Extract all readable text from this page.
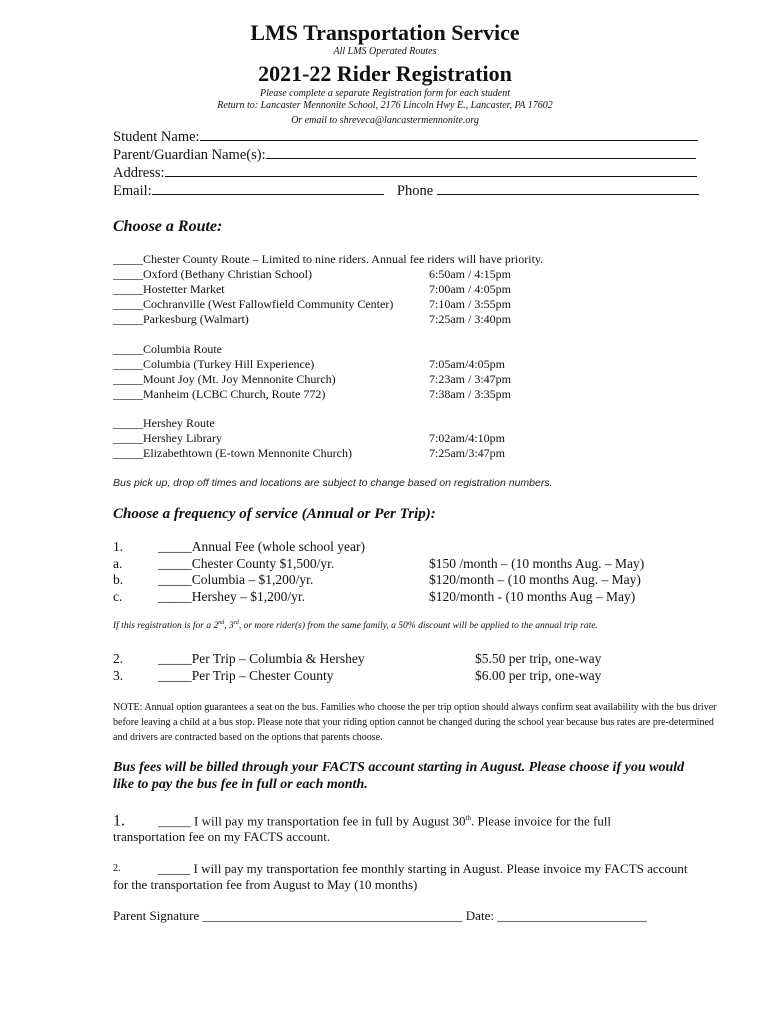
LMS Transportation Service
All LMS Operated Routes
2021-22 Rider Registration
Please complete a separate Registration form for each student
Return to: Lancaster Mennonite School, 2176 Lincoln Hwy E., Lancaster, PA 17602
Or email to shreveca@lancastermennonite.org
Student Name:
Parent/Guardian Name(s):
Address:
Email:	Phone
Choose a Route:
_____Chester County Route – Limited to nine riders. Annual fee riders will have priority.
_____Oxford (Bethany Christian School)	6:50am / 4:15pm
_____Hostetter Market	7:00am / 4:05pm
_____Cochranville (West Fallowfield Community Center)	7:10am / 3:55pm
_____Parkesburg (Walmart)	7:25am / 3:40pm
_____Columbia Route
_____Columbia (Turkey Hill Experience)	7:05am/4:05pm
_____Mount Joy (Mt. Joy Mennonite Church)	7:23am / 3:47pm
_____Manheim (LCBC Church, Route 772)	7:38am / 3:35pm
_____Hershey Route
_____Hershey Library	7:02am/4:10pm
_____Elizabethtown (E-town Mennonite Church)	7:25am/3:47pm
Bus pick up, drop off times and locations are subject to change based on registration numbers.
Choose a frequency of service (Annual or Per Trip):
1.	_____Annual Fee (whole school year)
a.	_____Chester County $1,500/yr.	$150 /month – (10 months Aug. – May)
b.	_____Columbia – $1,200/yr.	$120/month – (10 months Aug. – May)
c.	_____Hershey – $1,200/yr.	$120/month - (10 months Aug – May)
If this registration is for a 2nd, 3rd, or more rider(s) from the same family, a 50% discount will be applied to the annual trip rate.
2.	_____Per Trip – Columbia & Hershey	$5.50 per trip, one-way
3.	_____Per Trip – Chester County	$6.00 per trip, one-way
NOTE: Annual option guarantees a seat on the bus. Families who choose the per trip option should always confirm seat availability with the bus driver before leaving a child at a bus stop. Please note that your riding option cannot be changed during the school year because bus rates are pre-determined and drivers are contracted based on the options that parents choose.
Bus fees will be billed through your FACTS account starting in August. Please choose if you would like to pay the bus fee in full or each month.
1.	_____ I will pay my transportation fee in full by August 30th. Please invoice for the full transportation fee on my FACTS account.
$^{2.}$	_____ I will pay my transportation fee monthly starting in August. Please invoice my FACTS account for the transportation fee from August to May (10 months)
Parent Signature ________________________________________ Date: _______________________
